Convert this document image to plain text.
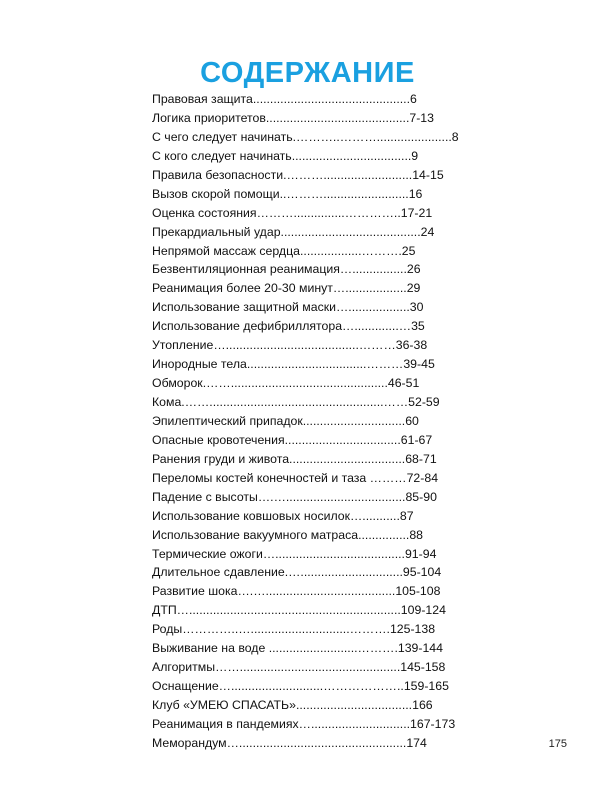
СОДЕРЖАНИЕ
Правовая защита..............................................6
Логика приоритетов..........................................7-13
С чего следует начинать.………..………......................8
С кого следует начинать...................................9
Правила безопасности.………..........................14-15
Вызов скорой помощи..……….........................16
Оценка состояния………...............…………..17-21
Прекардиальный удар.........................................24
Непрямой массаж сердца..................……….25
Безвентиляционная реанимация…................26
Реанимация более 20-30 минут…..................29
Использование защитной маски…..................30
Использование дефибриллятора….............…35
Утопление….......................................………36-38
Инородные тела...................................………39-45
Обморок.……..............................................46-51
Кома.……...................................................……52-59
Эпилептический припадок..............................60
Опасные кровотечения..................................61-67
Ранения груди и живота..................................68-71
Переломы костей конечностей и таза ………72-84
Падение с высоты….…...................................85-90
Использование ковшовых носилок…...........87
Использование вакуумного матраса...............88
Термические ожоги…......................................91-94
Длительное сдавление.…..............................95-104
Развитие шока….…......................................105-108
ДТП…..............................................................109-124
Роды…………..….............................……….125-138
Выживание на воде ..........................……….139-144
Алгоритмы……...............................................145-158
Оснащение…...........................………………..159-165
Клуб «УМЕЮ СПАСАТЬ»..................................166
Реанимация в пандемиях….............................167-173
Меморандум….................................................174	175
